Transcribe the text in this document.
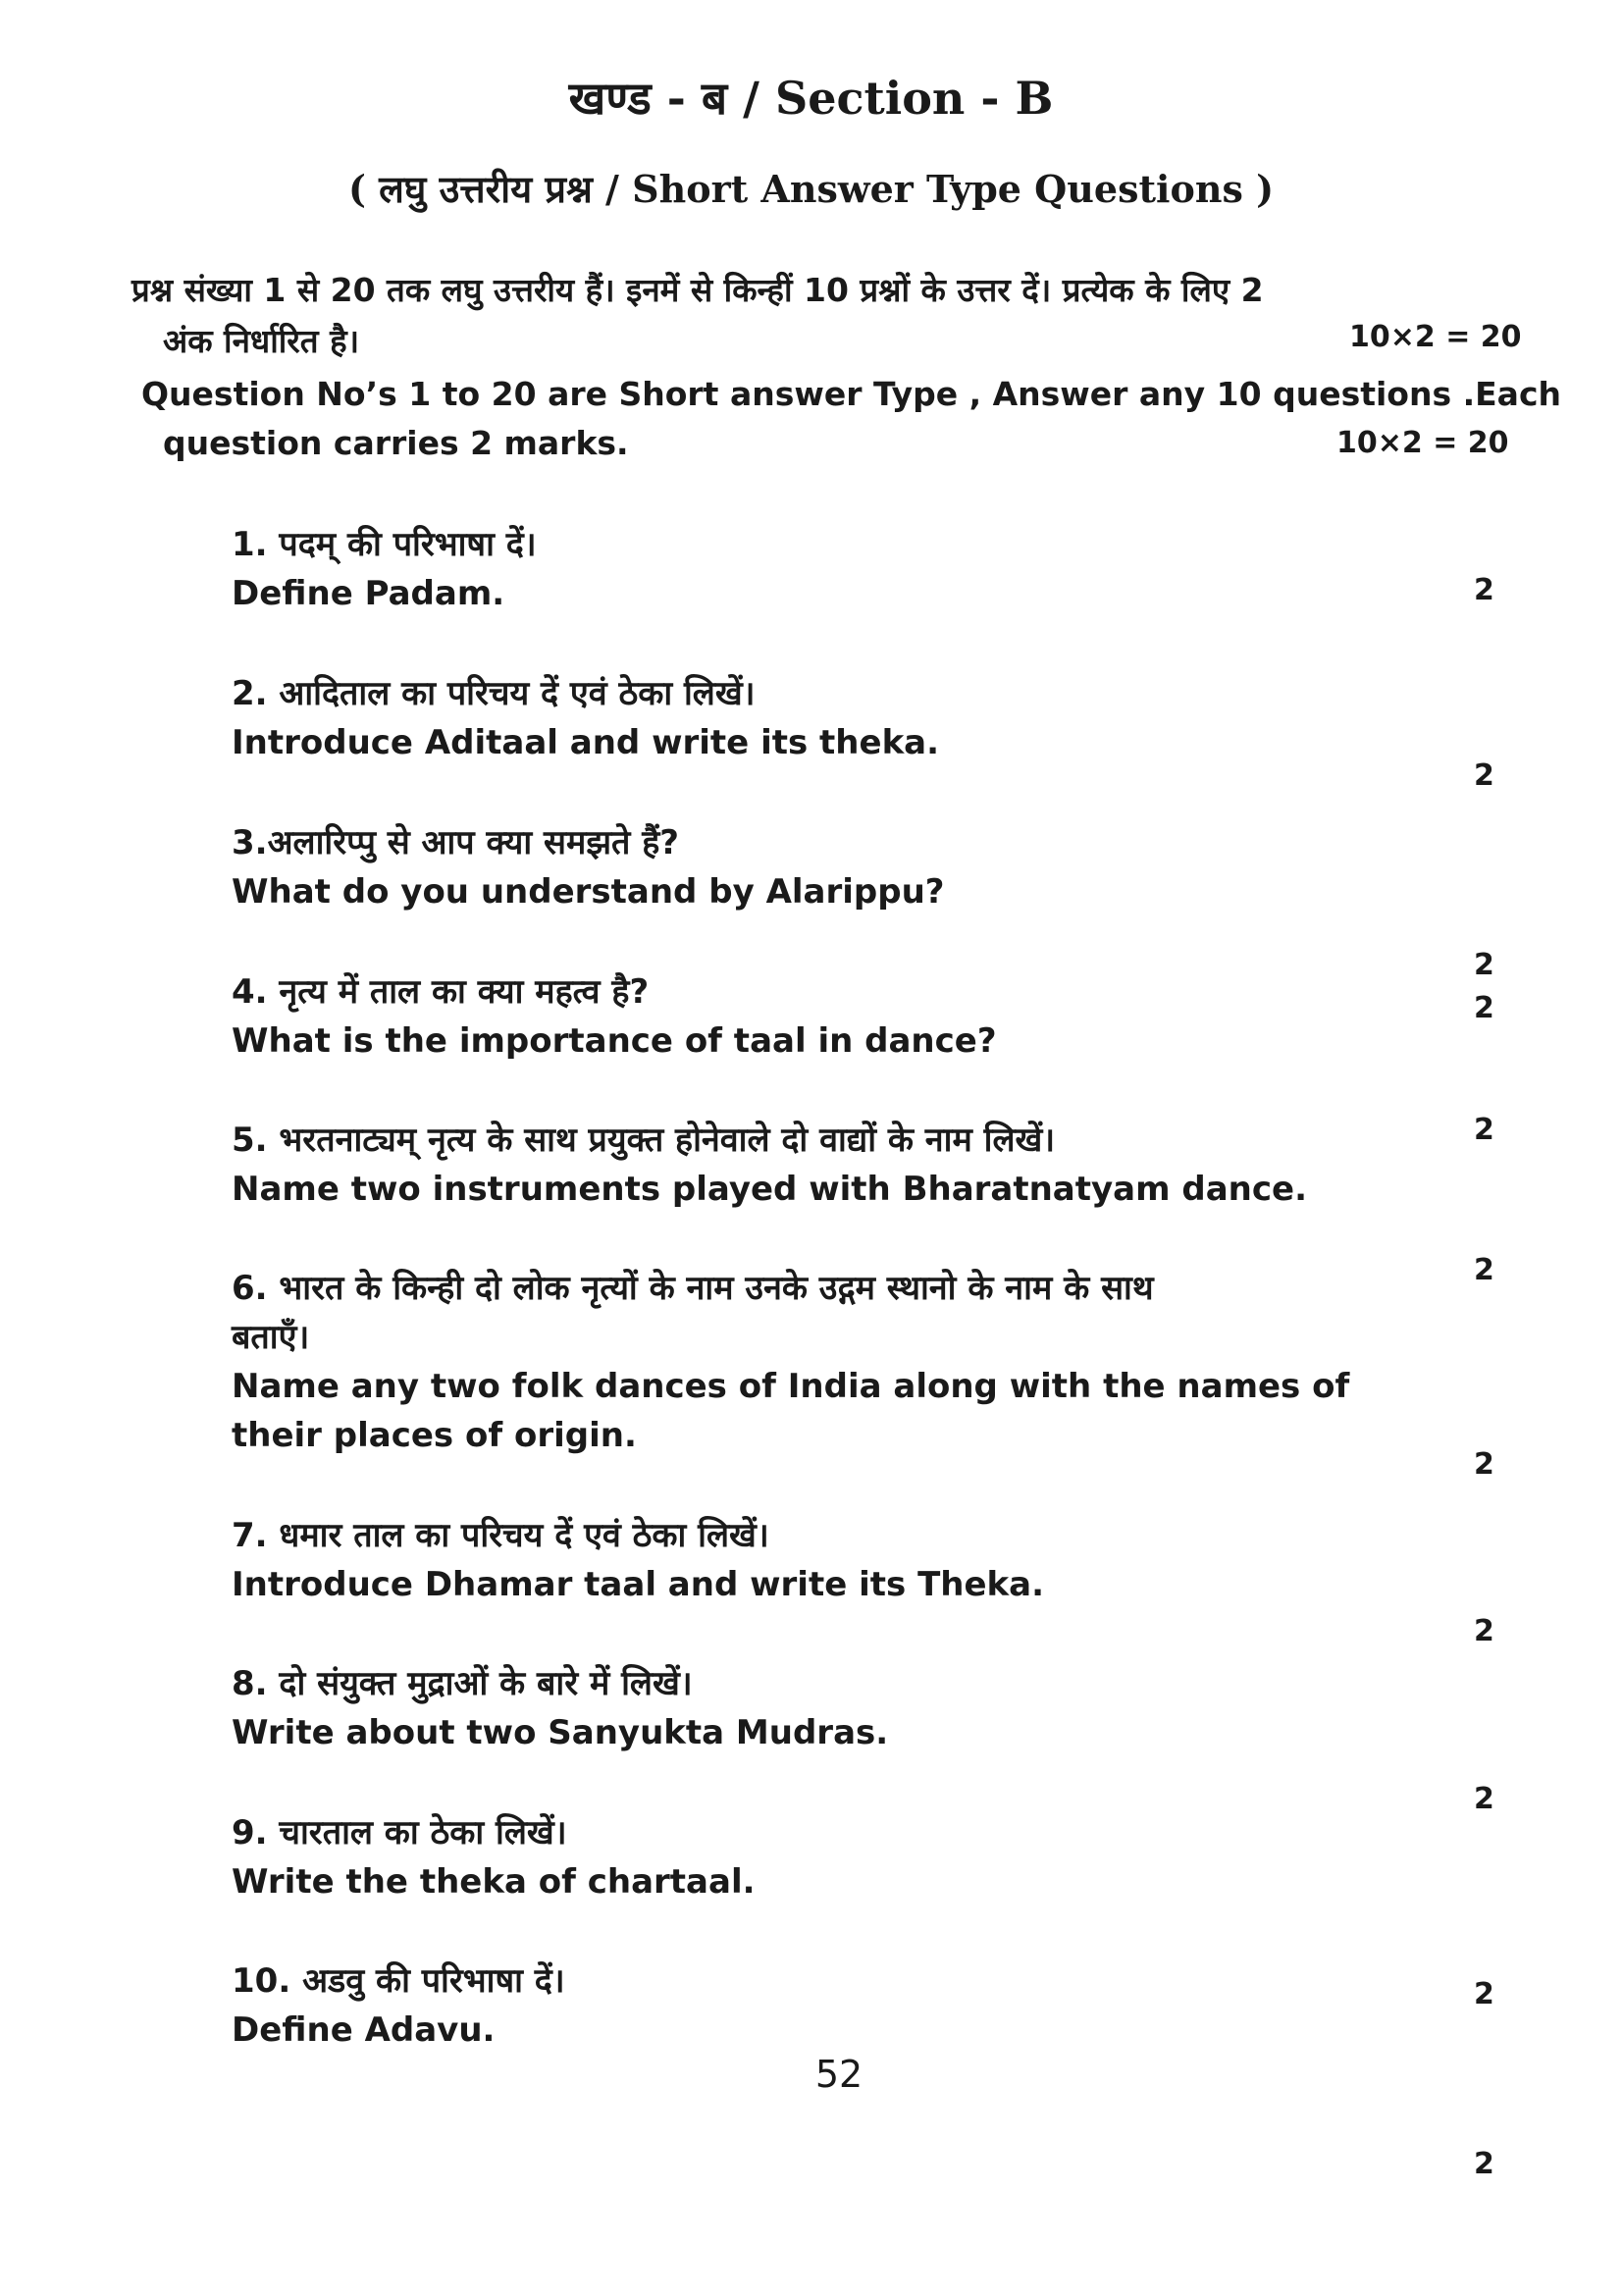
खण्ड - ब / Section - B
( लघु उत्तरीय प्रश्न / Short Answer Type Questions )
प्रश्न संख्या 1 से 20 तक लघु उत्तरीय हैं। इनमें से किन्हीं 10 प्रश्नों के उत्तर दें। प्रत्येक के लिए 2
अंक निर्धारित है।	10×2 = 20
Question No’s 1 to 20 are Short answer Type , Answer any 10 questions .Each
question carries 2 marks.	10×2 = 20
1. पदम् की परिभाषा दें।
Define Padam.
2. आदिताल का परिचय दें एवं ठेका लिखें।
Introduce Aditaal and write its theka.
3.अलारिप्पु से आप क्या समझते हैं?
What do you understand by Alarippu?
4. नृत्य में ताल का क्या महत्व है?
What is the importance of taal in dance?
5. भरतनाट्यम् नृत्य के साथ प्रयुक्त होनेवाले दो वाद्यों के नाम लिखें।
Name two instruments played with Bharatnatyam dance.
6. भारत के किन्ही दो लोक नृत्यों के नाम उनके उद्गम स्थानो के नाम के साथ
बताएँ।
Name any two folk dances of India along with the names of
their places of origin.
7. धमार ताल का परिचय दें एवं ठेका लिखें।
Introduce Dhamar taal and write its Theka.
8. दो संयुक्त मुद्राओं के बारे में लिखें।
Write about two Sanyukta Mudras.
9. चारताल का ठेका लिखें।
Write the theka of chartaal.
10. अडवु की परिभाषा दें।
Define Adavu.
2
2
2
2
2
2
2
2
2
2
2
52
